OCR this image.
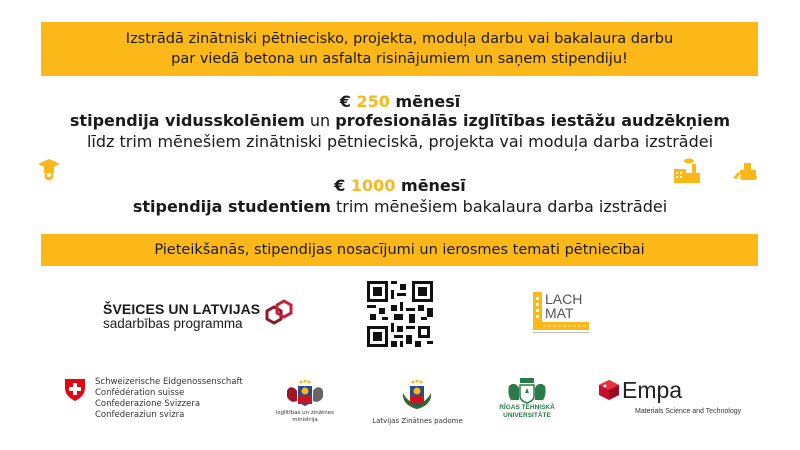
Izstrādā zinātniski pētniecisko, projekta, moduļa darbu vai bakalaura darbu
par viedā betona un asfalta risinājumiem un saņem stipendiju!
€ 250 mēnesī
stipendija vidusskolēniem un profesionālās izglītības iestāžu audzēkņiem
līdz trim mēnešiem zinātniski pētnieciskā, projekta vai moduļa darba izstrādei
€ 1000 mēnesī
stipendija studentiem trim mēnešiem bakalaura darba izstrādei
Pieteikšanās, stipendijas nosacījumi un ierosmes temati pētniecībai
ŠVEICES UN LATVIJAS
sadarbības programma
LACH
MAT
Schweizerische Eidgenossenschaft
Confédération suisse
Confederazione Svizzera
Confederaziun svizra	Izglītības un zinātnes
ministrija	Latvijas Zinātnes padome
RĪGAS TEHNISKĀ
UNIVERSITĀTE
Empa
Materials Science and Technology
